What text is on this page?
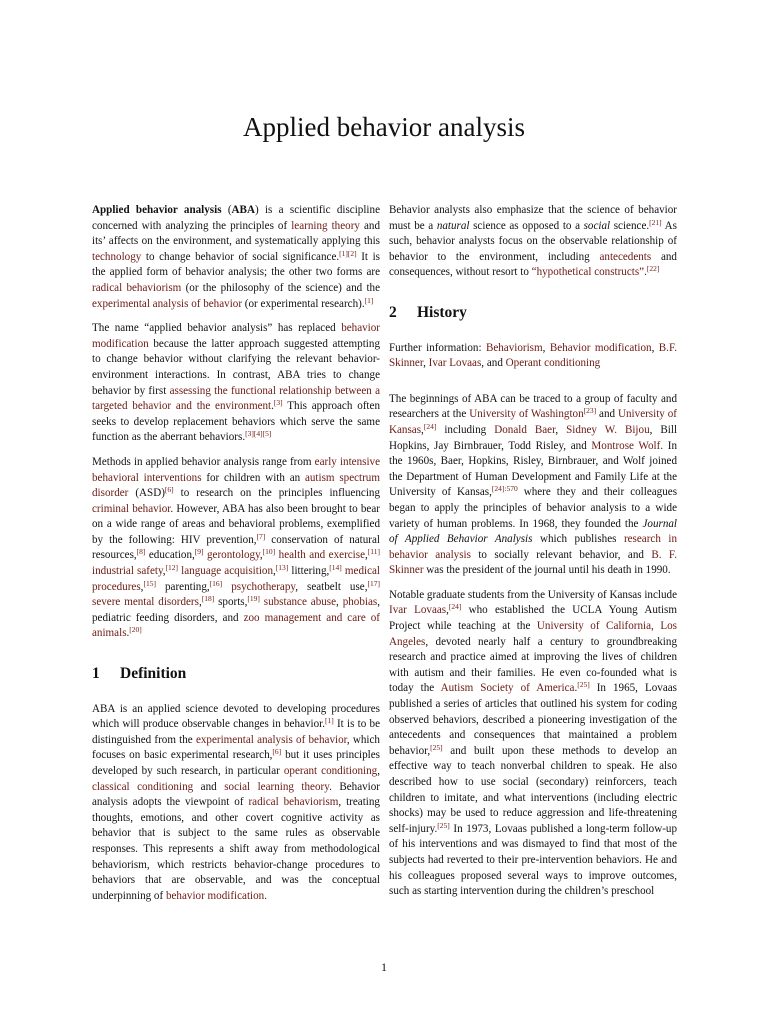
Applied behavior analysis

Applied behavior analysis (ABA) is a scientific discipline concerned with analyzing the principles of learning theory and its’ affects on the environment, and systematically applying this technology to change behavior of social significance.[1][2] It is the applied form of behavior analysis; the other two forms are radical behaviorism (or the philosophy of the science) and the experimental analysis of behavior (or experimental research).[1]

The name “applied behavior analysis” has replaced behavior modification because the latter approach suggested attempting to change behavior without clarifying the relevant behavior-environment interactions. In contrast, ABA tries to change behavior by first assessing the functional relationship between a targeted behavior and the environment.[3] This approach often seeks to develop replacement behaviors which serve the same function as the aberrant behaviors.[3][4][5]

Methods in applied behavior analysis range from early intensive behavioral interventions for children with an autism spectrum disorder (ASD)[6] to research on the principles influencing criminal behavior. However, ABA has also been brought to bear on a wide range of areas and behavioral problems, exemplified by the following: HIV prevention,[7] conservation of natural resources,[8] education,[9] gerontology,[10] health and exercise,[11] industrial safety,[12] language acquisition,[13] littering,[14] medical procedures,[15] parenting,[16] psychotherapy, seatbelt use,[17] severe mental disorders,[18] sports,[19] substance abuse, phobias, pediatric feeding disorders, and zoo management and care of animals.[20]

1 Definition

ABA is an applied science devoted to developing procedures which will produce observable changes in behavior.[1] It is to be distinguished from the experimental analysis of behavior, which focuses on basic experimental research,[6] but it uses principles developed by such research, in particular operant conditioning, classical conditioning and social learning theory. Behavior analysis adopts the viewpoint of radical behaviorism, treating thoughts, emotions, and other covert cognitive activity as behavior that is subject to the same rules as observable responses. This represents a shift away from methodological behaviorism, which restricts behavior-change procedures to behaviors that are observable, and was the conceptual underpinning of behavior modification.

Behavior analysts also emphasize that the science of behavior must be a natural science as opposed to a social science.[21] As such, behavior analysts focus on the observable relationship of behavior to the environment, including antecedents and consequences, without resort to “hypothetical constructs”.[22]

2 History

Further information: Behaviorism, Behavior modification, B.F. Skinner, Ivar Lovaas, and Operant conditioning

The beginnings of ABA can be traced to a group of faculty and researchers at the University of Washington[23] and University of Kansas,[24] including Donald Baer, Sidney W. Bijou, Bill Hopkins, Jay Birnbrauer, Todd Risley, and Montrose Wolf. In the 1960s, Baer, Hopkins, Risley, Birnbrauer, and Wolf joined the Department of Human Development and Family Life at the University of Kansas,$^{[24]:570}$ where they and their colleagues began to apply the principles of behavior analysis to a wide variety of human problems. In 1968, they founded the Journal of Applied Behavior Analysis which publishes research in behavior analysis to socially relevant behavior, and B. F. Skinner was the president of the journal until his death in 1990.

Notable graduate students from the University of Kansas include Ivar Lovaas,[24] who established the UCLA Young Autism Project while teaching at the University of California, Los Angeles, devoted nearly half a century to groundbreaking research and practice aimed at improving the lives of children with autism and their families. He even co-founded what is today the Autism Society of America.[25] In 1965, Lovaas published a series of articles that outlined his system for coding observed behaviors, described a pioneering investigation of the antecedents and consequences that maintained a problem behavior,[25] and built upon these methods to develop an effective way to teach nonverbal children to speak. He also described how to use social (secondary) reinforcers, teach children to imitate, and what interventions (including electric shocks) may be used to reduce aggression and life-threatening self-injury.[25] In 1973, Lovaas published a long-term follow-up of his interventions and was dismayed to find that most of the subjects had reverted to their pre-intervention behaviors. He and his colleagues proposed several ways to improve outcomes, such as starting intervention during the children’s preschool

1
